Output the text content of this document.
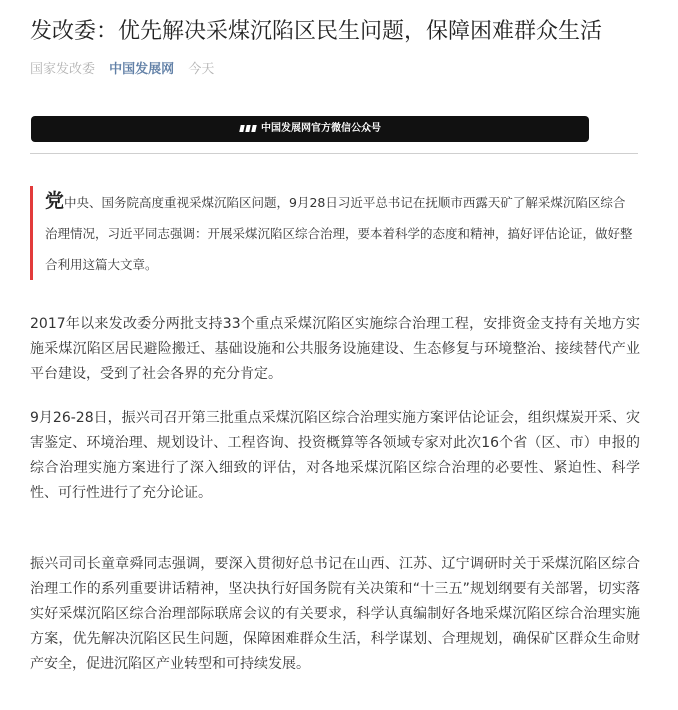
发改委：优先解决采煤沉陷区民生问题，保障困难群众生活
国家发改委 中国发展网 今天
中国发展网官方微信公众号
党中央、国务院高度重视采煤沉陷区问题，9月28日习近平总书记在抚顺市西露天矿了解采煤沉陷区综合治理情况，习近平同志强调：开展采煤沉陷区综合治理，要本着科学的态度和精神，搞好评估论证，做好整合利用这篇大文章。
2017年以来发改委分两批支持33个重点采煤沉陷区实施综合治理工程，安排资金支持有关地方实施采煤沉陷区居民避险搬迁、基础设施和公共服务设施建设、生态修复与环境整治、接续替代产业平台建设，受到了社会各界的充分肯定。
9月26-28日，振兴司召开第三批重点采煤沉陷区综合治理实施方案评估论证会，组织煤炭开采、灾害鉴定、环境治理、规划设计、工程咨询、投资概算等各领域专家对此次16个省（区、市）申报的综合治理实施方案进行了深入细致的评估，对各地采煤沉陷区综合治理的必要性、紧迫性、科学性、可行性进行了充分论证。
振兴司司长童章舜同志强调，要深入贯彻好总书记在山西、江苏、辽宁调研时关于采煤沉陷区综合治理工作的系列重要讲话精神，坚决执行好国务院有关决策和“十三五”规划纲要有关部署，切实落实好采煤沉陷区综合治理部际联席会议的有关要求，科学认真编制好各地采煤沉陷区综合治理实施方案，优先解决沉陷区民生问题，保障困难群众生活，科学谋划、合理规划，确保矿区群众生命财产安全，促进沉陷区产业转型和可持续发展。
